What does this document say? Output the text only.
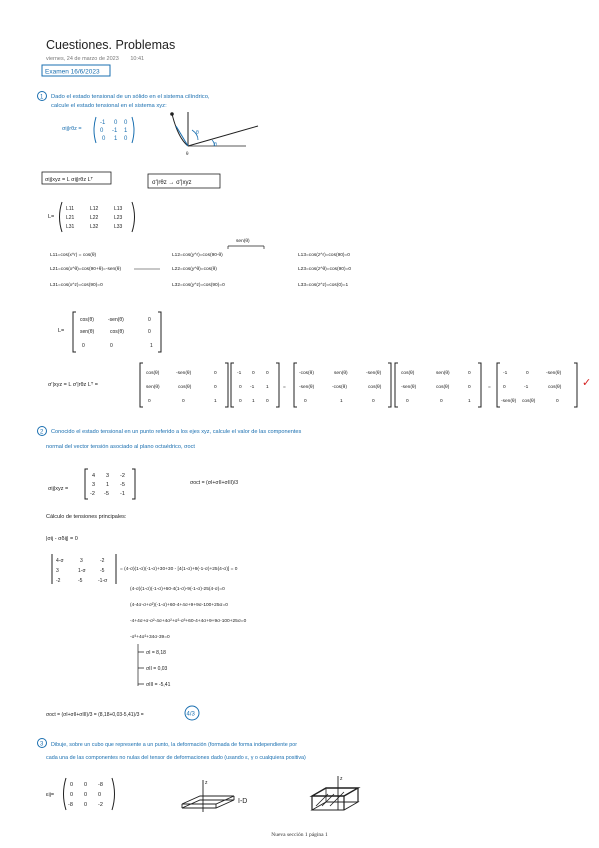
Cuestiones. Problemas
viernes, 24 de marzo de 2023 10:41
Examen 16/6/2023
1 Dado el estado tensional de un sólido en el sistema cilíndrico,
calcule el estado tensional en el sistema xyz:
σij|rθz =
-1 0 0
0 -1 1
0 1 0
θ
θ
θ
σij|xyz = L σij|rθz Lᵀ	σ'|rθz → σ'|xyz
L=
L11	L12	L13
L21	L22	L23
L31	L32	L33
L11=cos(x^r) = cos(θ)
L21=cos(x^θ)=cos(90+θ)=-sen(θ)
L31=cos(x^z)=cos(90)=0
L12=cos(y^r)=cos(90-θ)
L22=cos(y^θ)=cos(θ)
L32=cos(y^z)=cos(90)=0
L13=cos(z^r)=cos(90)=0
L23=cos(z^θ)=cos(90)=0
L33=cos(z^z)=cos(0)=1
sen(θ)
L=
cos(θ)	-sen(θ)	0
sen(θ)	cos(θ)	0
0	0	1
σ'|xyz = L σ'|rθz Lᵀ =
cos(θ)	-sen(θ)	0
sen(θ)	cos(θ)	0
0	0	1
-1 0 0
0 -1 1
0 1 0
=
-cos(θ)	sen(θ)	-sen(θ)
-sen(θ)	-cos(θ)	cos(θ)
0	1	0
cos(θ)	sen(θ)	0
-sen(θ)	cos(θ)	0
0	0	1
=
-1	0	-sen(θ)
0	-1	cos(θ)
-sen(θ) cos(θ)	0
✓
2 Conocido el estado tensional en un punto referido a los ejes xyz, calcule el valor de las componentes
normal del vector tensión asociado al plano octaédrico, σoct
σij|xyz =
4 3 -2
3 1 -5
-2 -5 -1
σoct = (σI+σII+σIII)/3
Cálculo de tensiones principales:
|σij - σδij| = 0
4-σ	3	-2
3	1-σ	-5
-2	-5	-1-σ
= (4-σ)(1-σ)(-1-σ)+30+30 - [4(1-σ)+9(-1-σ)+25(4-σ)] = 0
(4-σ)(1-σ)(-1-σ)+60-4(1-σ)-9(-1-σ)-25(4-σ)=0
(4-4σ-σ+σ²)(-1-σ)+60-4+4σ+9+9σ-100+25σ=0
-4+4σ+σ-σ²-4σ+4σ²+σ²-σ³+60-4+4σ+9+9σ-100+25σ=0
-σ³+4σ²+34σ-39=0
σI = 8,18
σII = 0,03
σIII = -5,41
σoct = (σI+σII+σIII)/3 = (8,18+0,03-5,41)/3 =	4/3
3 Dibuje, sobre un cubo que represente a un punto, la deformación (formada de forma independiente por
cada una de las componentes no nulas del tensor de deformaciones dado (usando ε, γ o cualquiera positiva)
εij=
0 0 -8
0 0 0
-8 0 -2
z
I-D
z
Nueva sección 1 página 1
